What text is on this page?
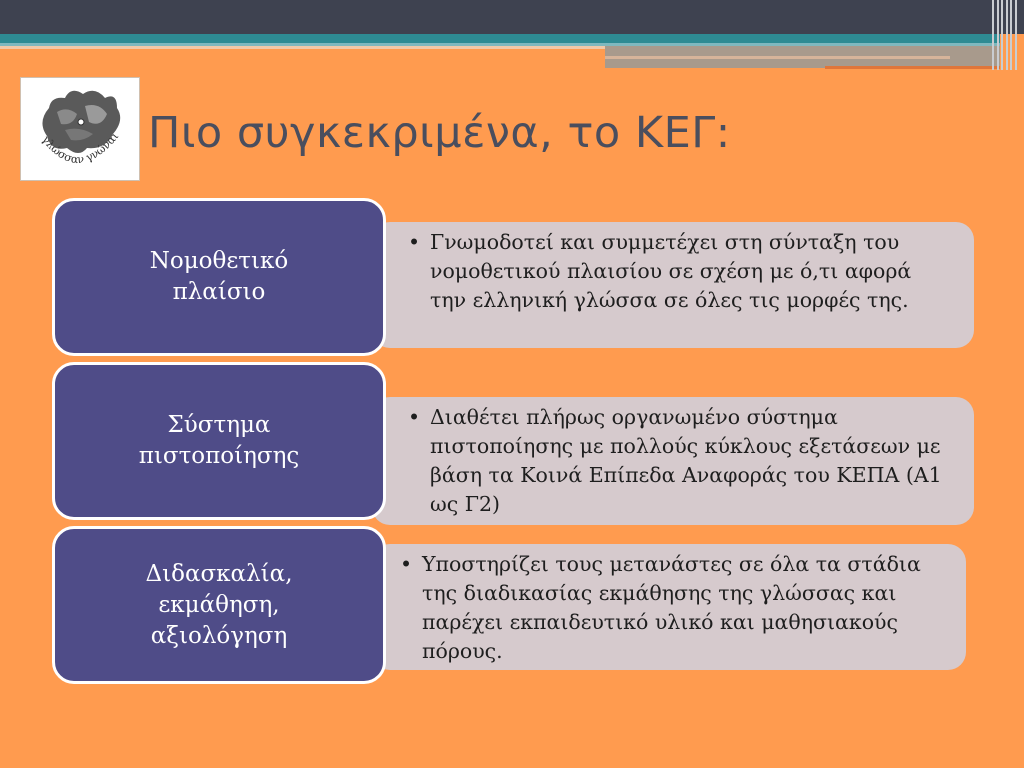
γλώσσαν γνώναι Πιο συγκεκριμένα, το ΚΕΓ:
• Γνωμοδοτεί και συμμετέχει στη σύνταξη του νομοθετικού πλαισίου σε σχέση με ό,τι αφορά την ελληνική γλώσσα σε όλες τις μορφές της.
Νομοθετικό πλαίσιο
• Διαθέτει πλήρως οργανωμένο σύστημα πιστοποίησης με πολλούς κύκλους εξετάσεων με βάση τα Κοινά Επίπεδα Αναφοράς του ΚΕΠΑ (Α1 ως Γ2)
Σύστημα πιστοποίησης
• Υποστηρίζει τους μετανάστες σε όλα τα στάδια της διαδικασίας εκμάθησης της γλώσσας και παρέχει εκπαιδευτικό υλικό και μαθησιακούς πόρους.
Διδασκαλία, εκμάθηση, αξιολόγηση
